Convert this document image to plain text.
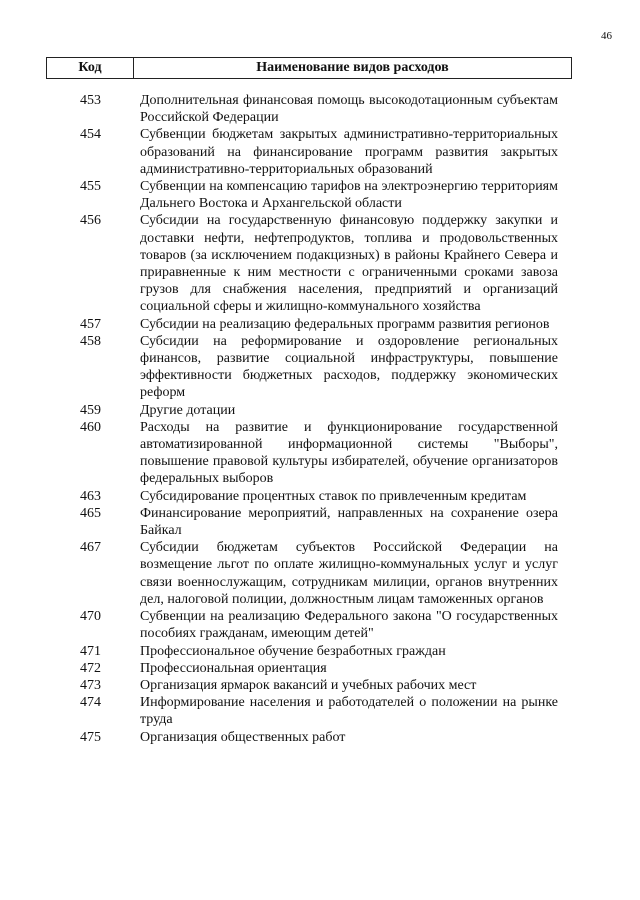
46
Код	Наименование видов расходов
453	Дополнительная финансовая помощь высокодотационным субъектам Российской Федерации
454	Субвенции бюджетам закрытых административно-территориальных образований на финансирование программ развития закрытых административно-территориальных образований
455	Субвенции на компенсацию тарифов на электроэнергию территориям Дальнего Востока и Архангельской области
456	Субсидии на государственную финансовую поддержку закупки и доставки нефти, нефтепродуктов, топлива и продовольственных товаров (за исключением подакцизных) в районы Крайнего Севера и приравненные к ним местности с ограниченными сроками завоза грузов для снабжения населения, предприятий и организаций социальной сферы и жилищно-коммунального хозяйства
457	Субсидии на реализацию федеральных программ развития регионов
458	Субсидии на реформирование и оздоровление региональных финансов, развитие социальной инфраструктуры, повышение эффективности бюджетных расходов, поддержку экономических реформ
459	Другие дотации
460	Расходы на развитие и функционирование государственной автоматизированной информационной системы "Выборы", повышение правовой культуры избирателей, обучение организаторов федеральных выборов
463	Субсидирование процентных ставок по привлеченным кредитам
465	Финансирование мероприятий, направленных на сохранение озера Байкал
467	Субсидии бюджетам субъектов Российской Федерации на возмещение льгот по оплате жилищно-коммунальных услуг и услуг связи военнослужащим, сотрудникам милиции, органов внутренних дел, налоговой полиции, должностным лицам таможенных органов
470	Субвенции на реализацию Федерального закона "О государственных пособиях гражданам, имеющим детей"
471	Профессиональное обучение безработных граждан
472	Профессиональная ориентация
473	Организация ярмарок вакансий и учебных рабочих мест
474	Информирование населения и работодателей о положении на рынке труда
475	Организация общественных работ
